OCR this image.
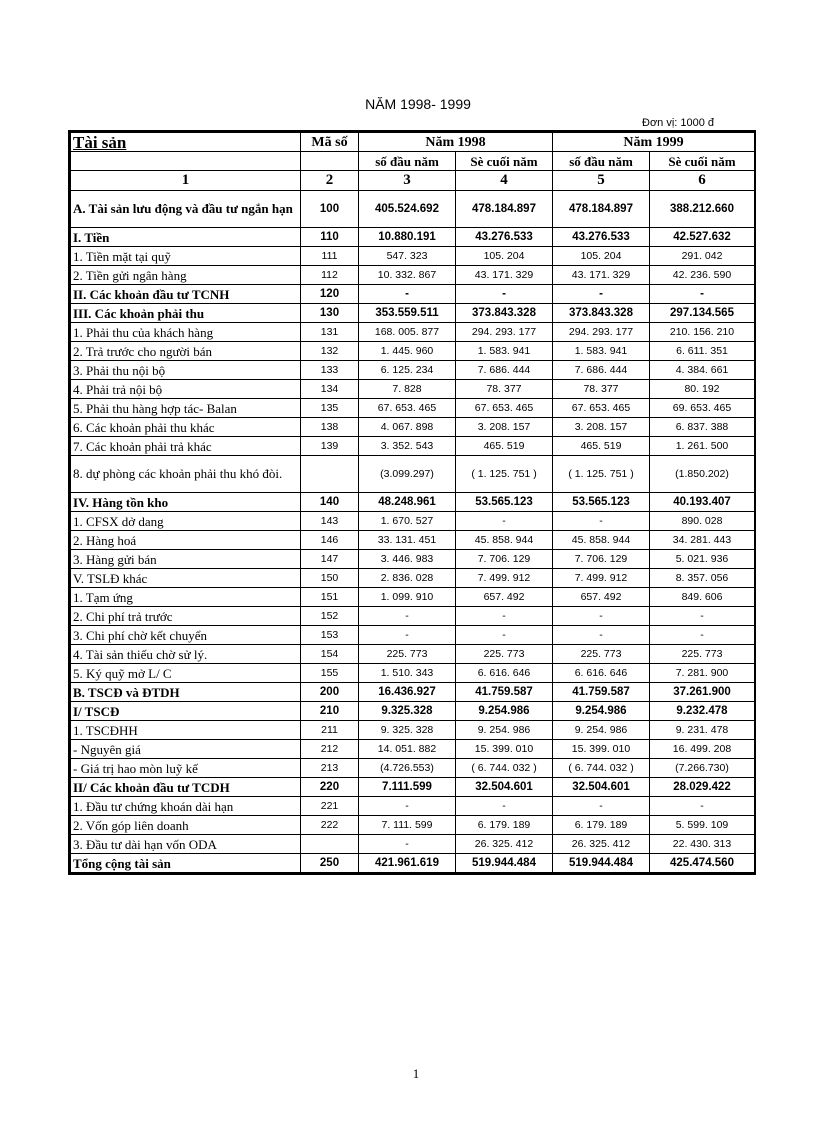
NĂM 1998- 1999
Đơn vị: 1000 đ
Tài sản	Mã số	Năm 1998		Năm 1999	
		số đầu năm	Sè cuối năm	số đầu năm	Sè cuối năm
1	2	3	4	5	6
A. Tài sản lưu động và đầu tư ngắn hạn	100	405.524.692	478.184.897	478.184.897	388.212.660
I. Tiền	110	10.880.191	43.276.533	43.276.533	42.527.632
1. Tiền mặt tại quỹ	111	547. 323	105. 204	105. 204	291. 042
2. Tiền gửi ngân hàng	112	10. 332. 867	43. 171. 329	43. 171. 329	42. 236. 590
II. Các khoản đầu tư TCNH	120	-	-	-	-
III. Các khoản phải thu	130	353.559.511	373.843.328	373.843.328	297.134.565
1. Phải thu của khách hàng	131	168. 005. 877	294. 293. 177	294. 293. 177	210. 156. 210
2. Trả trước cho người bán	132	1. 445. 960	1. 583. 941	1. 583. 941	6. 611. 351
3. Phải thu nội bộ	133	6. 125. 234	7. 686. 444	7. 686. 444	4. 384. 661
4. Phải trả nội bộ	134	7. 828	78. 377	78. 377	80. 192
5. Phải thu hàng hợp tác- Balan	135	67. 653. 465	67. 653. 465	67. 653. 465	69. 653. 465
6. Các khoản phải thu khác	138	4. 067. 898	3. 208. 157	3. 208. 157	6. 837. 388
7. Các khoản phải trả khác	139	3. 352. 543	465. 519	465. 519	1. 261. 500
8. dự phòng các khoản phải thu khó đòi.		(3.099.297)	( 1. 125. 751 )	( 1. 125. 751 )	(1.850.202)
IV. Hàng tồn kho	140	48.248.961	53.565.123	53.565.123	40.193.407
1. CFSX dở dang	143	1. 670. 527	-	-	890. 028
2. Hàng hoá	146	33. 131. 451	45. 858. 944	45. 858. 944	34. 281. 443
3. Hàng gửi bán	147	3. 446. 983	7. 706. 129	7. 706. 129	5. 021. 936
V. TSLĐ khác	150	2. 836. 028	7. 499. 912	7. 499. 912	8. 357. 056
1. Tạm ứng	151	1. 099. 910	657. 492	657. 492	849. 606
2. Chi phí trả trước	152	-	-	-	-
3. Chi phí chờ kết chuyển	153	-	-	-	-
4. Tài sản thiếu chờ sử lý.	154	225. 773	225. 773	225. 773	225. 773
5. Ký quỹ mở L/ C	155	1. 510. 343	6. 616. 646	6. 616. 646	7. 281. 900
B. TSCĐ và ĐTDH	200	16.436.927	41.759.587	41.759.587	37.261.900
I/ TSCĐ	210	9.325.328	9.254.986	9.254.986	9.232.478
1. TSCĐHH	211	9. 325. 328	9. 254. 986	9. 254. 986	9. 231. 478
- Nguyên giá	212	14. 051. 882	15. 399. 010	15. 399. 010	16. 499. 208
- Giá trị hao mòn luỹ kế	213	(4.726.553)	( 6. 744. 032 )	( 6. 744. 032 )	(7.266.730)
II/ Các khoản đầu tư TCDH	220	7.111.599	32.504.601	32.504.601	28.029.422
1. Đầu tư chứng khoán dài hạn	221	-	-	-	-
2. Vốn góp liên doanh	222	7. 111. 599	6. 179. 189	6. 179. 189	5. 599. 109
3. Đầu tư dài hạn vốn ODA		-	26. 325. 412	26. 325. 412	22. 430. 313
Tổng cộng tài sản	250	421.961.619	519.944.484	519.944.484	425.474.560
1
